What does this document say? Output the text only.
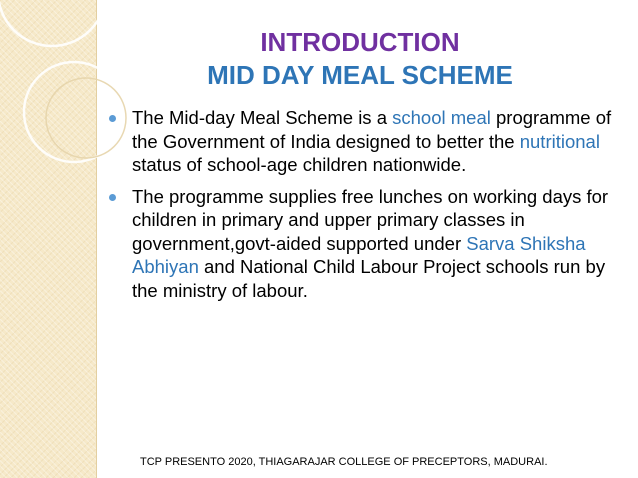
INTRODUCTION
MID DAY MEAL SCHEME
The Mid-day Meal Scheme is a school meal programme of the Government of India designed to better the nutritional status of school-age children nationwide.
The programme supplies free lunches on working days for children in primary and upper primary classes in government,govt-aided supported under Sarva Shiksha Abhiyan and National Child Labour Project schools run by the ministry of labour.
TCP PRESENTO 2020, THIAGARAJAR COLLEGE OF PRECEPTORS, MADURAI.
